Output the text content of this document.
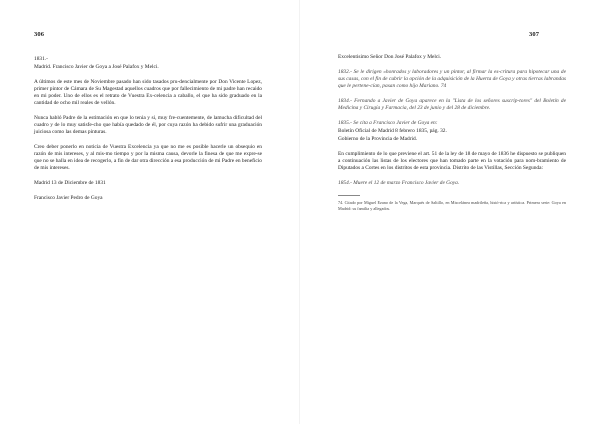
306

1831.-

Madrid. Francisco Javier de Goya a José Palafox y Melci.

A últimos de este mes de Noviembre pasado han sido tasados pru-dencialmente por Don Vicente Lopez, primer pintor de Cámara de Su Magestad aquellos cuadros que por fallecimiento de mi padre han recaido en mi poder. Uno de ellos es el retrato de Vuestra Ex-celencia a caballo, el que ha sido graduado en la cantidad de ocho mil reales de vellón.

Nunca habló Padre de la estimación en que lo tenia y si, muy fre-cuentemente, de lamucha dificultad del cuadro y de lo muy satisfe-cho que había quedado de él, por cuya razón ha debido sufrir una graduación juiciosa como las demas pinturas.

Creo deber ponerlo en noticia de Vuestra Excelencia ya que no me es posible hacerle un obsequio en razón de mis intereses, y al mis-mo tiempo y por la misma causa, devorle la finesa de que me expre-se que no se halla en idea de recogerlo, a fin de dar otra dirección a esa producción de mi Padre en beneficio de mis intereses.

Madrid 13 de Diciembre de 1831

Francisco Javier Pedro de Goya

307

Excelentisimo Señor Don José Palafox y Melci.

1832.- Se le dirigen «honrados y laboradores y un pintor, al firmar la es-critura para hipotecar una de sus casas, con el fin de cubrir la opción de la adquisición de la Huerta de Goya y otras tierras labrandas que le pertene-cían, pasan como hijo Mariano. 74

1834.- Fernando a Javier de Goya aparece en la "Lista de los señores suscrip-tores" del Boletín de Medicina y Cirugía y Farmacia, del 23 de junio y del 28 de diciembre.

1835.- Se cita a Francisco Javier de Goya en:

Boletín Oficial de Madrid 8 febrero 1835, pág. 32.

Gobierno de la Provincia de Madrid.

En cumplimiento de lo que previene el art. 51 de la ley de 18 de mayo de 1836 he dispuesto se publiquen a continuación las listas de los electores que han tomado parte en la votación para nom-bramiento de Diputados a Cortes en los distritos de esta provincia. Distrito de las Vistillas, Sección Segunda:

1854.- Muere el 12 de marzo Francisco Javier de Goya.

74. Citado por Miguel Ezano de la Vega, Marqués de Saltillo, en Miscelánea madrileña, histó-rica y artística. Primera serie: Goya en Madrid: su familia y allegados.
